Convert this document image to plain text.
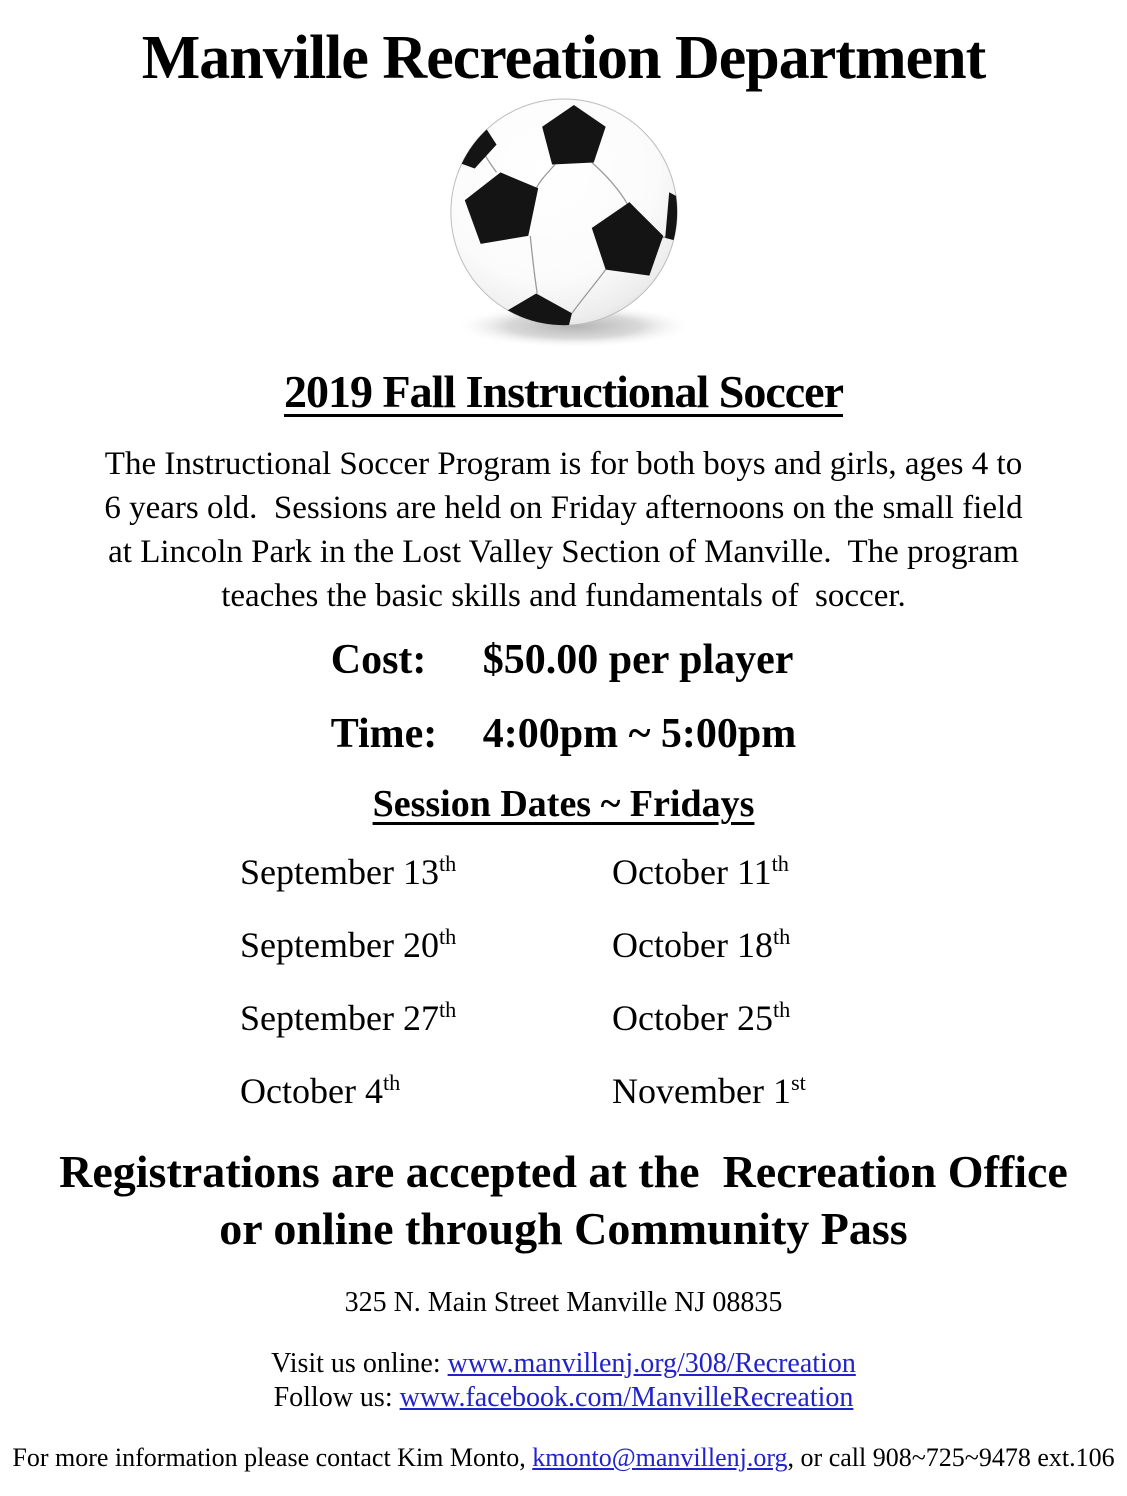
Manville Recreation Department
2019 Fall Instructional Soccer
The Instructional Soccer Program is for both boys and girls, ages 4 to
6 years old.  Sessions are held on Friday afternoons on the small field
at Lincoln Park in the Lost Valley Section of Manville.  The program
teaches the basic skills and fundamentals of  soccer.
Cost:	$50.00 per player
Time:	4:00pm ~ 5:00pm
Session Dates ~ Fridays
September 13th	October 11th
September 20th	October 18th
September 27th	October 25th
October 4th	November 1st
Registrations are accepted at the  Recreation Office
or online through Community Pass
325 N. Main Street Manville NJ 08835
Visit us online: www.manvillenj.org/308/Recreation
Follow us: www.facebook.com/ManvilleRecreation
For more information please contact Kim Monto, kmonto@manvillenj.org, or call 908~725~9478 ext.106
